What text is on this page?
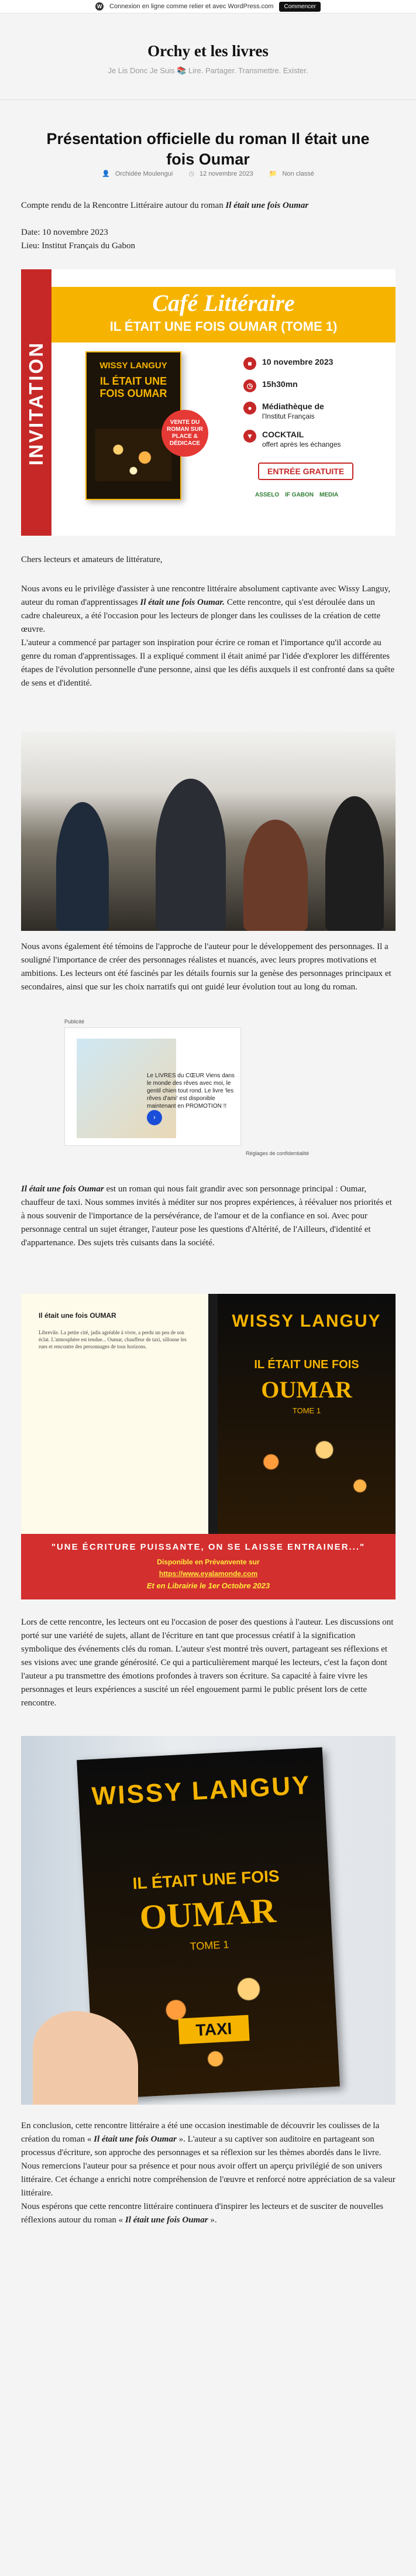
W Connexion en ligne comme relier et avec WordPress.com	Commencer
Orchy et les livres
Je Lis Donc Je Suis 📚 Lire. Partager. Transmettre. Exister.
Présentation officielle du roman Il était une fois Oumar
👤 Orchidée Moulengui ◷ 12 novembre 2023 📁 Non classé

Compte rendu de la Rencontre Littéraire autour du roman Il était une fois Oumar

Date: 10 novembre 2023

Lieu: Institut Français du Gabon

INVITATION
Café Littéraire
IL ÉTAIT UNE FOIS OUMAR (TOME 1)
WISSY LANGUY
IL ÉTAIT UNE FOIS OUMAR
VENTE DU ROMAN SUR PLACE & DÉDICACE
■	10 novembre 2023
◷	15h30mn
●	Médiathèque de
l'Institut Français
▼	COCKTAIL
offert après les échanges
ENTRÉE GRATUITE
ASSELO IF GABON MEDIA

Chers lecteurs et amateurs de littérature,

Nous avons eu le privilège d'assister à une rencontre littéraire absolument captivante avec Wissy Languy, auteur du roman d'apprentissages Il était une fois Oumar. Cette rencontre, qui s'est déroulée dans un cadre chaleureux, a été l'occasion pour les lecteurs de plonger dans les coulisses de la création de cette œuvre.

L'auteur a commencé par partager son inspiration pour écrire ce roman et l'importance qu'il accorde au genre du roman d'apprentissages. Il a expliqué comment il était animé par l'idée d'explorer les différentes étapes de l'évolution personnelle d'une personne, ainsi que les défis auxquels il est confronté dans sa quête de sens et d'identité.

Nous avons également été témoins de l'approche de l'auteur pour le développement des personnages. Il a souligné l'importance de créer des personnages réalistes et nuancés, avec leurs propres motivations et ambitions. Les lecteurs ont été fascinés par les détails fournis sur la genèse des personnages principaux et secondaires, ainsi que sur les choix narratifs qui ont guidé leur évolution tout au long du roman.

Publicité
Le LIVRES du CŒUR Viens dans le monde des rêves avec moi, le gentil chien tout rond. Le livre 'les rêves d'ami' est disponible maintenant en PROMOTION !!
›
Réglages de confidentialité

Il était une fois Oumar est un roman qui nous fait grandir avec son personnage principal : Oumar, chauffeur de taxi. Nous sommes invités à méditer sur nos propres expériences, à réévaluer nos priorités et à nous souvenir de l'importance de la persévérance, de l'amour et de la confiance en soi. Avec pour personnage central un sujet étranger, l'auteur pose les questions d'Altérité, de l'Ailleurs, d'identité et d'appartenance. Des sujets très cuisants dans la société.

Il était une fois OUMAR
Librevile. La petite cité, jadis agréable à vivre, a perdu un peu de son éclat. L'atmosphère est tendue... Oumar, chauffeur de taxi, sillonne les rues et rencontre des personnages de tous horizons.
WISSY LANGUY
IL ÉTAIT UNE FOIS
OUMAR
TOME 1
"UNE ÉCRITURE PUISSANTE, ON SE LAISSE ENTRAINER..."
Disponible en Prévanvente sur
https://www.eyalamonde.com
Et en Librairie le 1er Octobre 2023

Lors de cette rencontre, les lecteurs ont eu l'occasion de poser des questions à l'auteur. Les discussions ont porté sur une variété de sujets, allant de l'écriture en tant que processus créatif à la signification symbolique des événements clés du roman. L'auteur s'est montré très ouvert, partageant ses réflexions et ses visions avec une grande générosité. Ce qui a particulièrement marqué les lecteurs, c'est la façon dont l'auteur a pu transmettre des émotions profondes à travers son écriture. Sa capacité à faire vivre les personnages et leurs expériences a suscité un réel engouement parmi le public présent lors de cette rencontre.

WISSY LANGUY
IL ÉTAIT UNE FOIS
OUMAR
TOME 1
TAXI

En conclusion, cette rencontre littéraire a été une occasion inestimable de découvrir les coulisses de la création du roman « Il était une fois Oumar ». L'auteur a su captiver son auditoire en partageant son processus d'écriture, son approche des personnages et sa réflexion sur les thèmes abordés dans le livre.

Nous remercions l'auteur pour sa présence et pour nous avoir offert un aperçu privilégié de son univers littéraire. Cet échange a enrichi notre compréhension de l'œuvre et renforcé notre appréciation de sa valeur littéraire.

Nous espérons que cette rencontre littéraire continuera d'inspirer les lecteurs et de susciter de nouvelles réflexions autour du roman « Il était une fois Oumar ».
